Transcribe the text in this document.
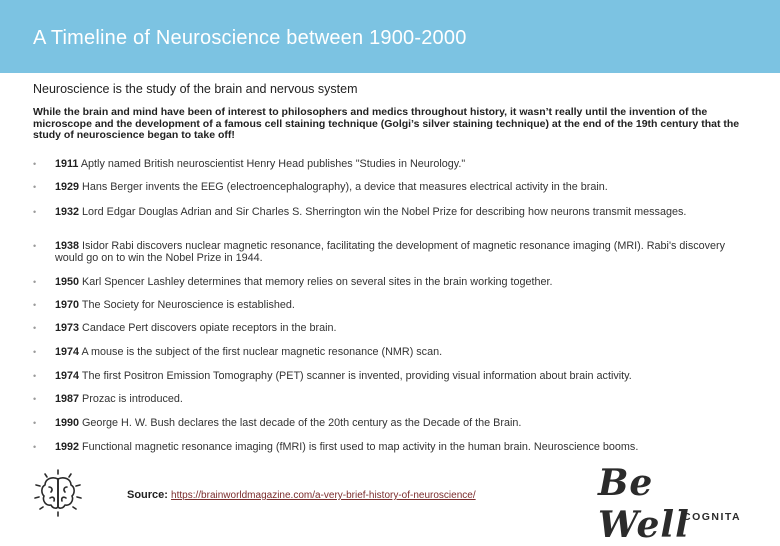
A Timeline of Neuroscience between 1900-2000

Neuroscience is the study of the brain and nervous system

While the brain and mind have been of interest to philosophers and medics throughout history, it wasn’t really until the invention of the microscope and the development of a famous cell staining technique (Golgi’s silver staining technique) at the end of the 19th century that the study of neuroscience began to take off!

•	1911 Aptly named British neuroscientist Henry Head publishes "Studies in Neurology."
•	1929 Hans Berger invents the EEG (electroencephalography), a device that measures electrical activity in the brain.
•	1932 Lord Edgar Douglas Adrian and Sir Charles S. Sherrington win the Nobel Prize for describing how neurons transmit messages.
•	1938 Isidor Rabi discovers nuclear magnetic resonance, facilitating the development of magnetic resonance imaging (MRI). Rabi's discovery would go on to win the Nobel Prize in 1944.
•	1950 Karl Spencer Lashley determines that memory relies on several sites in the brain working together.
•	1970 The Society for Neuroscience is established.
•	1973 Candace Pert discovers opiate receptors in the brain.
•	1974 A mouse is the subject of the first nuclear magnetic resonance (NMR) scan.
•	1974 The first Positron Emission Tomography (PET) scanner is invented, providing visual information about brain activity.
•	1987 Prozac is introduced.
•	1990 George H. W. Bush declares the last decade of the 20th century as the Decade of the Brain.
•	1992 Functional magnetic resonance imaging (fMRI) is first used to map activity in the human brain. Neuroscience booms.
Source: https://brainworldmagazine.com/a-very-brief-history-of-neuroscience/	Be Well
COGNITA
